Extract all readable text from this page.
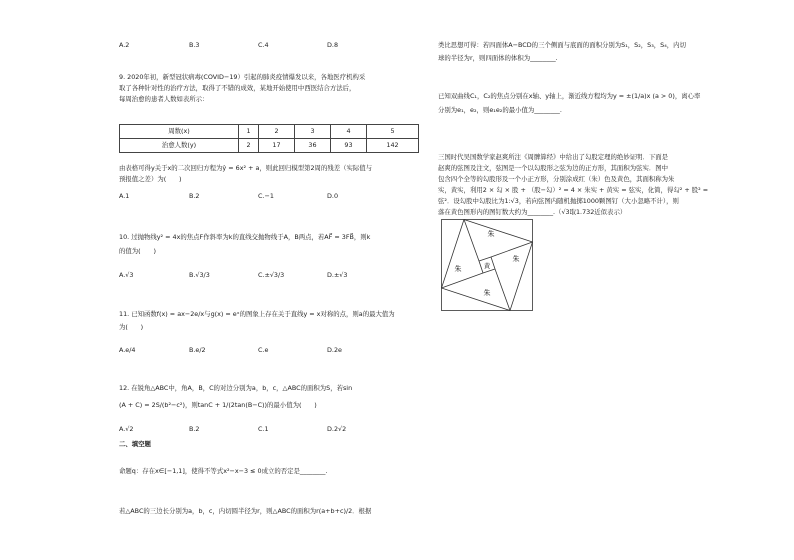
A.2	B.3	C.4	D.8
9. 2020年初，新型冠状病毒(COVID−19）引起的肺炎疫情爆发以来，各地医疗机构采
取了各种针对性的治疗方法，取得了不错的成效，某地开始使用中西医结合方法后，
每周治愈的患者人数如表所示：
周数(x)	1	2	3	4	5
治愈人数(y)	2	17	36	93	142
由表格可得y关于x的二次回归方程为ŷ = 6x² + a，则此回归模型第2周的残差（实际值与
预报值之差）为(　　)
A.1	B.2	C.−1	D.0
10. 过抛物线y² = 4x的焦点F作斜率为k的直线交抛物线于A，B两点，若AF⃗ = 3FB⃗，则k
的值为(　　)
A.√3	B.√3/3	C.±√3/3	D.±√3
11. 已知函数f(x) = ax−2e/x与g(x) = eˣ的图象上存在关于直线y = x对称的点，则a的最大值为
为(　　)
A.e/4	B.e/2	C.e	D.2e
12. 在锐角△ABC中，角A，B，C的对边分别为a，b，c，△ABC的面积为S，若sin
(A + C) = 2S/(b²−c²)，则tanC + 1/(2tan(B−C))的最小值为(　　)
A.√2	B.2	C.1	D.2√2
二、填空题
命题q：存在x∈[−1,1]，使得不等式x²−x−3 ≤ 0成立的否定是________.
若△ABC的三边长分别为a，b，c，内切圆半径为r，则△ABC的面积为r(a+b+c)/2．根据
类比思想可得：若四面体A−BCD的三个侧面与底面的面积分别为S₁，S₂，S₃，S₄，内切
球的半径为r，则四面体的体积为________.
已知双曲线C₁，C₂的焦点分别在x轴、y轴上，渐近线方程均为y = ±(1/a)x (a > 0)，离心率
分别为e₁，e₂，则e₁e₂的最小值为________.
三国时代吴国数学家赵爽所注《周髀算经》中给出了勾股定理的绝妙证明．下面是
赵爽的弦图及注文，弦图是一个以勾股形之弦为边的正方形，其面积为弦实．图中
包含四个全等的勾股形及一个小正方形，分别涂成红（朱）色及黄色，其面积称为朱
实，黄实，利用2 × 勾 × 股 + （股−勾）² = 4 × 朱实 + 黄实 = 弦实，化简，得勾² + 股² =
弦²．设勾股中勾股比为1:√3，若向弦图内随机抛掷1000颗图钉（大小忽略不计），则
落在黄色图形内的图钉数大约为________.（√3取1.732近似表示）
朱
朱
朱
朱	黄
